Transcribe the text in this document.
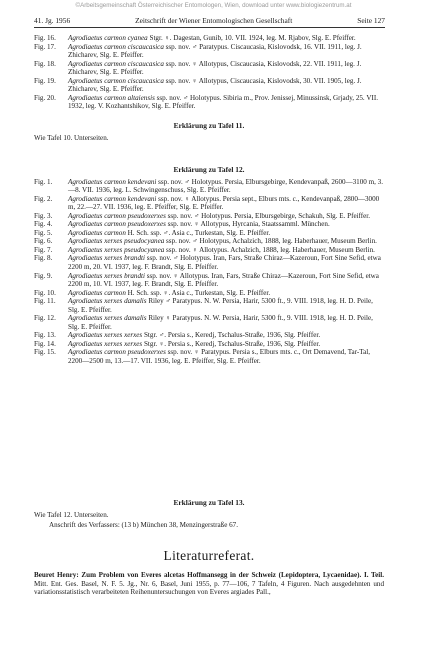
©Arbeitsgemeinschaft Österreichischer Entomologen, Wien, download unter www.biologiezentrum.at
41. Jg. 1956	Zeitschrift der Wiener Entomologischen Gesellschaft	Seite 127
Fig. 16.	Agrodiaetus carmon cyanea Stgr. ♀. Dagestan, Gunib, 10. VII. 1924, leg. M. Rjabov, Slg. E. Pfeiffer.
Fig. 17.	Agrodiaetus carmon ciscaucasica ssp. nov. ♂ Paratypus. Ciscaucasia, Kislovodsk, 16. VII. 1911, leg. J. Zhicharev, Slg. E. Pfeiffer.
Fig. 18.	Agrodiaetus carmon ciscaucasica ssp. nov. ♀ Allotypus, Ciscaucasia, Kislovodsk, 22. VII. 1911, leg. J. Zhicharev, Slg. E. Pfeiffer.
Fig. 19.	Agrodiaetus carmon ciscaucasica ssp. nov. ♀ Allotypus, Ciscaucasia, Kislovodsk, 30. VII. 1905, leg. J. Zhicharev, Slg. E. Pfeiffer.
Fig. 20.	Agrodiaetus carmon altaiensis ssp. nov. ♂ Holotypus. Sibiria m., Prov. Jenissej, Minussinsk, Grjady, 25. VII. 1932, leg. V. Kozhantshikov, Slg. E. Pfeiffer.
Erklärung zu Tafel 11.
Wie Tafel 10. Unterseiten.
Erklärung zu Tafel 12.
Fig. 1.	Agrodiaetus carmon kendevani ssp. nov. ♂ Holotypus. Persia, Elbursgebirge, Kendevanpaß, 2600—3100 m, 3.—8. VII. 1936, leg. L. Schwingenschuss, Slg. E. Pfeiffer.
Fig. 2.	Agrodiaetus carmon kendevani ssp. nov. ♀ Allotypus. Persia sept., Elburs mts. c., Kendevanpaß, 2800—3000 m, 22.—27. VII. 1936, leg. E. Pfeiffer, Slg. E. Pfeiffer.
Fig. 3.	Agrodiaetus carmon pseudoxerxes ssp. nov. ♂ Holotypus. Persia, Elbursgebirge, Schakuh, Slg. E. Pfeiffer.
Fig. 4.	Agrodiaetus carmon pseudoxerxes ssp. nov. ♀ Allotypus, Hyrcania, Staatssamml. München.
Fig. 5.	Agrodiaetus carmon H. Sch. ssp. ♂. Asia c., Turkestan, Slg. E. Pfeiffer.
Fig. 6.	Agrodiaetus xerxes pseudocyanea ssp. nov. ♂ Holotypus, Achalzich, 1888, leg. Haberhauer, Museum Berlin.
Fig. 7.	Agrodiaetus xerxes pseudocyanea ssp. nov. ♀ Allotypus. Achalzich, 1888, leg. Haberhauer, Museum Berlin.
Fig. 8.	Agrodiaetus xerxes brandti ssp. nov. ♂ Holotypus. Iran, Fars, Straße Chiraz—Kazeroun, Fort Sine Sefid, etwa 2200 m, 20. VI. 1937, leg. F. Brandt, Slg. E. Pfeiffer.
Fig. 9.	Agrodiaetus xerxes brandti ssp. nov. ♀ Allotypus. Iran, Fars, Straße Chiraz—Kazeroun, Fort Sine Sefid, etwa 2200 m, 10. VI. 1937, leg. F. Brandt, Slg. E. Pfeiffer.
Fig. 10.	Agrodiaetus carmon H. Sch. ssp. ♀. Asia c., Turkestan, Slg. E. Pfeiffer.
Fig. 11.	Agrodiaetus xerxes damalis Riley ♂ Paratypus. N. W. Persia, Harir, 5300 ft., 9. VIII. 1918, leg. H. D. Peile, Slg. E. Pfeiffer.
Fig. 12.	Agrodiaetus xerxes damalis Riley ♀ Paratypus. N. W. Persia, Harir, 5300 ft., 9. VIII. 1918, leg. H. D. Peile, Slg. E. Pfeiffer.
Fig. 13.	Agrodiaetus xerxes xerxes Stgr. ♂. Persia s., Keredj, Tschalus-Straße, 1936, Slg. Pfeiffer.
Fig. 14.	Agrodiaetus xerxes xerxes Stgr. ♀. Persia s., Keredj, Tschalus-Straße, 1936, Slg. Pfeiffer.
Fig. 15.	Agrodiaetus carmon pseudoxerxes ssp. nov. ♀ Paratypus. Persia s., Elburs mts. c., Ort Demavend, Tar-Tal, 2200—2500 m, 13.—17. VII. 1936, leg. E. Pfeiffer, Slg. E. Pfeiffer.
Erklärung zu Tafel 13.
Wie Tafel 12. Unterseiten.
Anschrift des Verfassers: (13 b) München 38, Menzingerstraße 67.
Literaturreferat.
Beuret Henry: Zum Problem von Everes alcetas Hoffmansegg in der Schweiz (Lepidoptera, Lycaenidae). I. Teil. Mitt. Ent. Ges. Basel, N. F. 5. Jg., Nr. 6, Basel, Juni 1955, p. 77—106, 7 Tafeln, 4 Figuren. Nach ausgedehnten und variationsstatistisch verarbeiteten Reihenuntersuchungen von Everes argiades Pall.,
